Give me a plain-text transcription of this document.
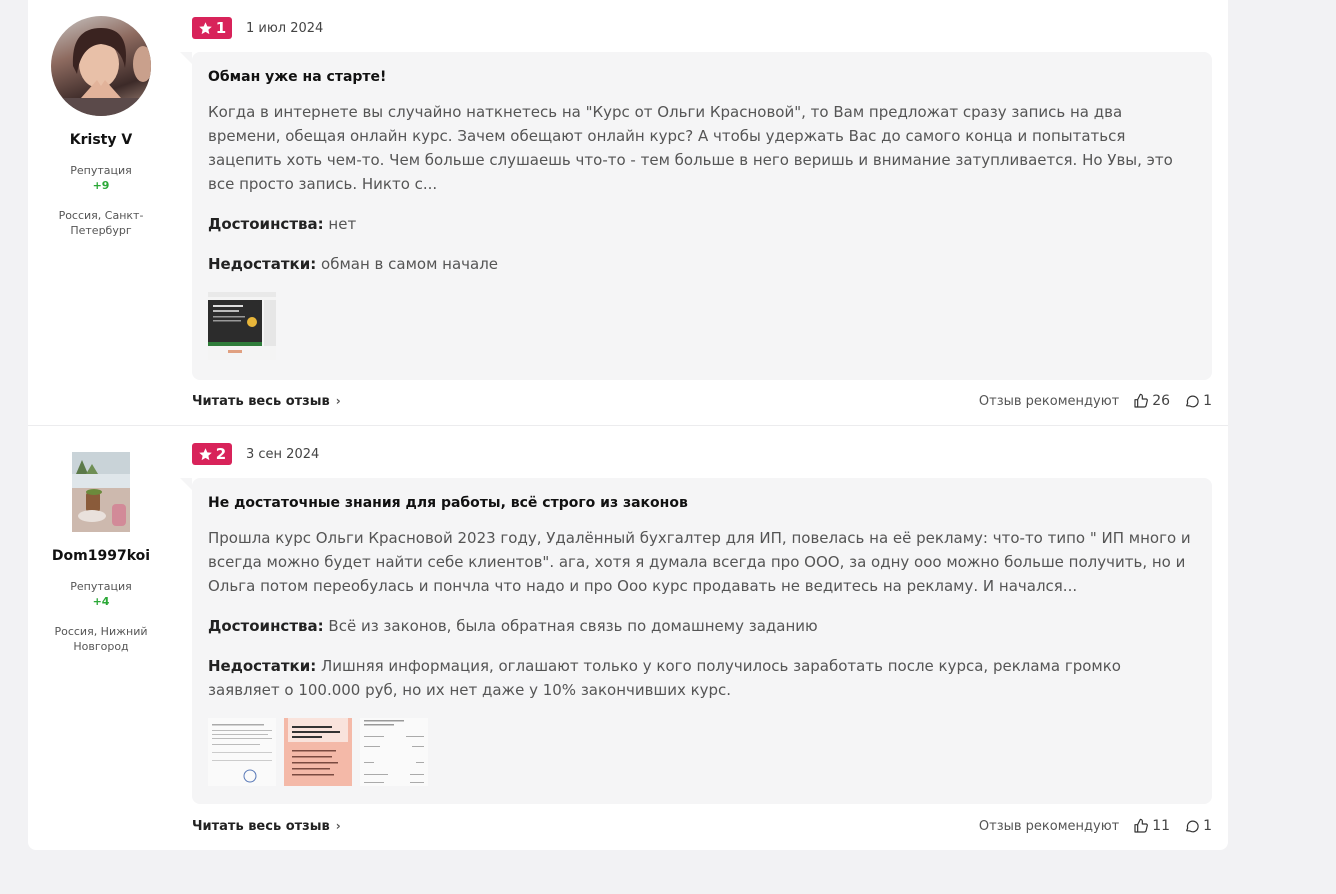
Kristy V
Репутация
+9
Россия, Санкт-Петербург
1 1 июл 2024
Обман уже на старте!
Когда в интернете вы случайно наткнетесь на "Курс от Ольги Красновой", то Вам предложат сразу запись на два времени, обещая онлайн курс. Зачем обещают онлайн курс? А чтобы удержать Вас до самого конца и попытаться зацепить хоть чем-то. Чем больше слушаешь что-то - тем больше в него веришь и внимание затупливается. Но Увы, это все просто запись. Никто с...
Достоинства: нет
Недостатки: обман в самом начале
Читать весь отзыв ›	Отзыв рекомендуют 26 1
Dom1997koi
Репутация
+4
Россия, Нижний Новгород
2 3 сен 2024
Не достаточные знания для работы, всё строго из законов
Прошла курс Ольги Красновой 2023 году, Удалённый бухгалтер для ИП, повелась на её рекламу: что-то типо " ИП много и всегда можно будет найти себе клиентов". ага, хотя я думала всегда про ООО, за одну ооо можно больше получить, но и Ольга потом переобулась и пончла что надо и про Ооо курс продавать не ведитесь на рекламу. И начался...
Достоинства: Всё из законов, была обратная связь по домашнему заданию
Недостатки: Лишняя информация, оглашают только у кого получилось заработать после курса, реклама громко заявляет о 100.000 руб, но их нет даже у 10% закончивших курс.
Читать весь отзыв ›	Отзыв рекомендуют 11 1
